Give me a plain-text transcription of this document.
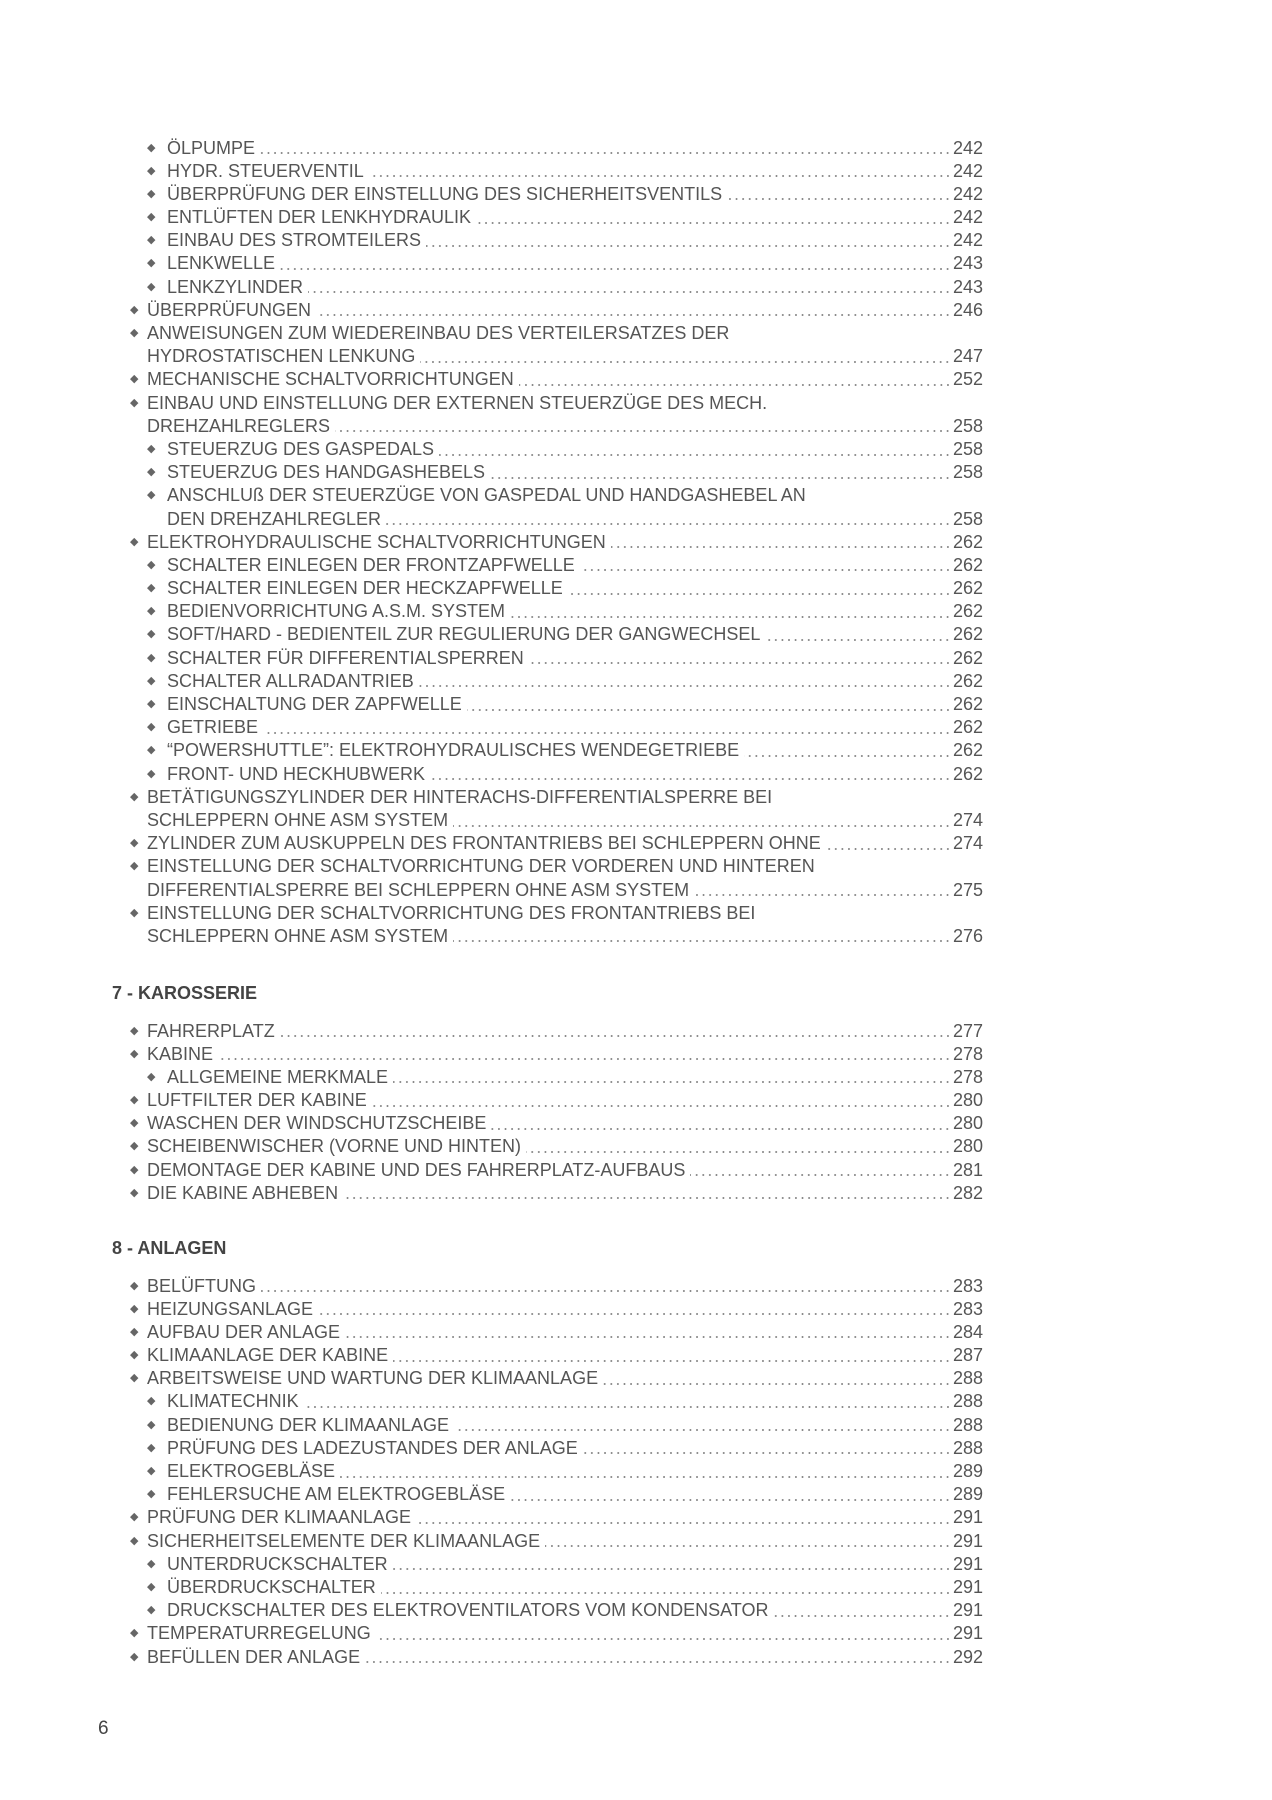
◆ ÖLPUMPE	242
◆ HYDR. STEUERVENTIL	242
◆ ÜBERPRÜFUNG DER EINSTELLUNG DES SICHERHEITSVENTILS	242
◆ ENTLÜFTEN DER LENKHYDRAULIK	242
◆ EINBAU DES STROMTEILERS	242
◆ LENKWELLE	243
◆ LENKZYLINDER	243
◆ ÜBERPRÜFUNGEN	246
◆ ANWEISUNGEN ZUM WIEDEREINBAU DES VERTEILERSATZES DER
HYDROSTATISCHEN LENKUNG	247
◆ MECHANISCHE SCHALTVORRICHTUNGEN	252
◆ EINBAU UND EINSTELLUNG DER EXTERNEN STEUERZÜGE DES MECH.
DREHZAHLREGLERS	258
◆ STEUERZUG DES GASPEDALS	258
◆ STEUERZUG DES HANDGASHEBELS	258
◆ ANSCHLUß DER STEUERZÜGE VON GASPEDAL UND HANDGASHEBEL AN
DEN DREHZAHLREGLER	258
◆ ELEKTROHYDRAULISCHE SCHALTVORRICHTUNGEN	262
◆ SCHALTER EINLEGEN DER FRONTZAPFWELLE	262
◆ SCHALTER EINLEGEN DER HECKZAPFWELLE	262
◆ BEDIENVORRICHTUNG A.S.M. SYSTEM	262
◆ SOFT/HARD - BEDIENTEIL ZUR REGULIERUNG DER GANGWECHSEL	262
◆ SCHALTER FÜR DIFFERENTIALSPERREN	262
◆ SCHALTER ALLRADANTRIEB	262
◆ EINSCHALTUNG DER ZAPFWELLE	262
◆ GETRIEBE	262
◆ “POWERSHUTTLE”: ELEKTROHYDRAULISCHES WENDEGETRIEBE	262
◆ FRONT- UND HECKHUBWERK	262
◆ BETÄTIGUNGSZYLINDER DER HINTERACHS-DIFFERENTIALSPERRE BEI
SCHLEPPERN OHNE ASM SYSTEM	274
◆ ZYLINDER ZUM AUSKUPPELN DES FRONTANTRIEBS BEI SCHLEPPERN OHNE	274
◆ EINSTELLUNG DER SCHALTVORRICHTUNG DER VORDEREN UND HINTEREN
DIFFERENTIALSPERRE BEI SCHLEPPERN OHNE ASM SYSTEM	275
◆ EINSTELLUNG DER SCHALTVORRICHTUNG DES FRONTANTRIEBS BEI
SCHLEPPERN OHNE ASM SYSTEM	276
7 - KAROSSERIE
◆ FAHRERPLATZ	277
◆ KABINE	278
◆ ALLGEMEINE MERKMALE	278
◆ LUFTFILTER DER KABINE	280
◆ WASCHEN DER WINDSCHUTZSCHEIBE	280
◆ SCHEIBENWISCHER (VORNE UND HINTEN)	280
◆ DEMONTAGE DER KABINE UND DES FAHRERPLATZ-AUFBAUS	281
◆ DIE KABINE ABHEBEN	282
8 - ANLAGEN
◆ BELÜFTUNG	283
◆ HEIZUNGSANLAGE	283
◆ AUFBAU DER ANLAGE	284
◆ KLIMAANLAGE DER KABINE	287
◆ ARBEITSWEISE UND WARTUNG DER KLIMAANLAGE	288
◆ KLIMATECHNIK	288
◆ BEDIENUNG DER KLIMAANLAGE	288
◆ PRÜFUNG DES LADEZUSTANDES DER ANLAGE	288
◆ ELEKTROGEBLÄSE	289
◆ FEHLERSUCHE AM ELEKTROGEBLÄSE	289
◆ PRÜFUNG DER KLIMAANLAGE	291
◆ SICHERHEITSELEMENTE DER KLIMAANLAGE	291
◆ UNTERDRUCKSCHALTER	291
◆ ÜBERDRUCKSCHALTER	291
◆ DRUCKSCHALTER DES ELEKTROVENTILATORS VOM KONDENSATOR	291
◆ TEMPERATURREGELUNG	291
◆ BEFÜLLEN DER ANLAGE	292
6
